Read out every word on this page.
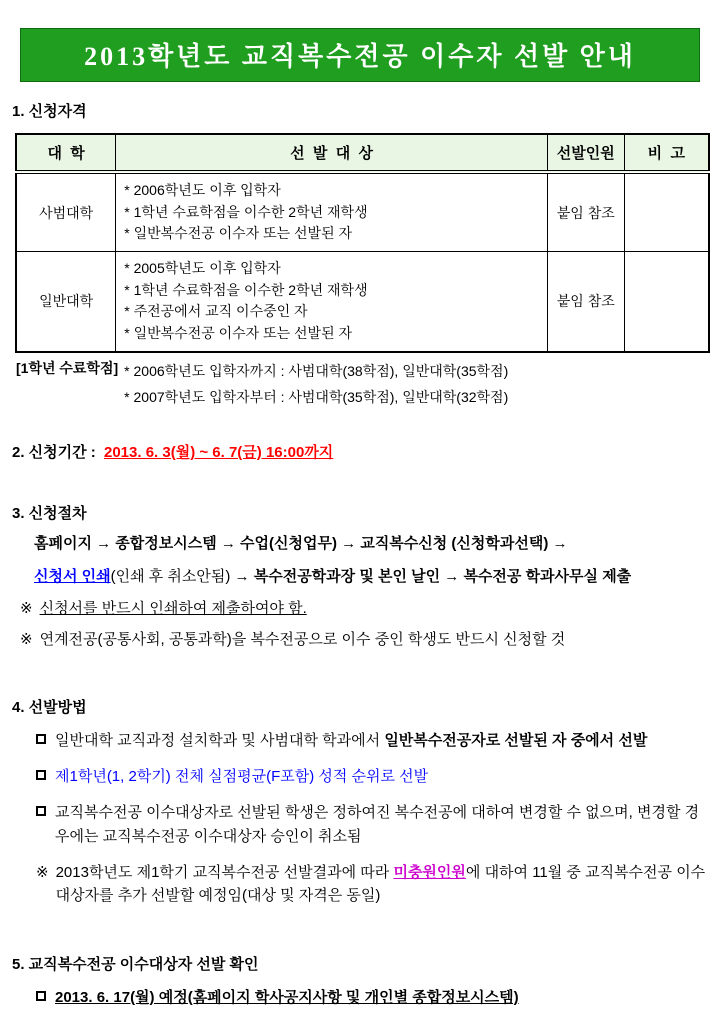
2013학년도 교직복수전공 이수자 선발 안내
1. 신청자격
대  학	선  발  대  상	선발인원	비  고
사범대학	* 2006학년도 이후 입학자
* 1학년 수료학점을 이수한 2학년 재학생
* 일반복수전공 이수자 또는 선발된 자	붙임 참조	
일반대학	* 2005학년도 이후 입학자
* 1학년 수료학점을 이수한 2학년 재학생
* 주전공에서 교직 이수중인 자
* 일반복수전공 이수자 또는 선발된 자	붙임 참조	
[1학년 수료학점] * 2006학년도 입학자까지 : 사범대학(38학점), 일반대학(35학점)
* 2007학년도 입학자부터 : 사범대학(35학점), 일반대학(32학점)
2. 신청기간 : 2013. 6. 3(월) ~ 6. 7(금) 16:00까지
3. 신청절차
홈페이지 → 종합정보시스템 → 수업(신청업무) → 교직복수신청 (신청학과선택) →
신청서 인쇄(인쇄 후 취소안됨) → 복수전공학과장 및 본인 날인 → 복수전공 학과사무실 제출
※ 신청서를 반드시 인쇄하여 제출하여야 함.
※ 연계전공(공통사회, 공통과학)을 복수전공으로 이수 중인 학생도 반드시 신청할 것
4. 선발방법
일반대학 교직과정 설치학과 및 사범대학 학과에서 일반복수전공자로 선발된 자 중에서 선발
제1학년(1, 2학기) 전체 실점평균(F포함) 성적 순위로 선발
교직복수전공 이수대상자로 선발된 학생은 정하여진 복수전공에 대하여 변경할 수 없으며, 변경할 경우에는 교직복수전공 이수대상자 승인이 취소됨
※ 2013학년도 제1학기 교직복수전공 선발결과에 따라 미충원인원에 대하여 11월 중 교직복수전공 이수대상자를 추가 선발할 예정임(대상 및 자격은 동일)
5. 교직복수전공 이수대상자 선발 확인
2013. 6. 17(월) 예정(홈페이지 학사공지사항 및 개인별 종합정보시스템)
